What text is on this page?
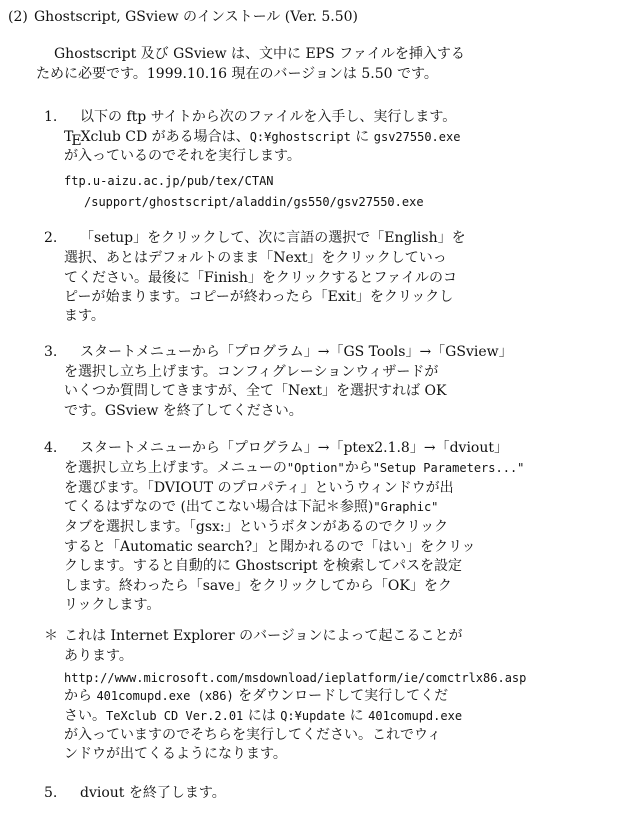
(2) Ghostscript, GSview のインストール (Ver. 5.50)
Ghostscript 及び GSview は、文中に EPS ファイルを挿入する
ために必要です。1999.10.16 現在のバージョンは 5.50 です。
1. 以下の ftp サイトから次のファイルを入手し、実行します。
TEXclub CD がある場合は、Q:¥ghostscript に gsv27550.exe
が入っているのでそれを実行します。
ftp.u-aizu.ac.jp/pub/tex/CTAN
/support/ghostscript/aladdin/gs550/gsv27550.exe
2. 「setup」をクリックして、次に言語の選択で「English」を
選択、あとはデフォルトのまま「Next」をクリックしていっ
てください。最後に「Finish」をクリックするとファイルのコ
ピーが始まります。コピーが終わったら「Exit」をクリックし
ます。
3. スタートメニューから「プログラム」→「GS Tools」→「GSview」
を選択し立ち上げます。コンフィグレーションウィザードが
いくつか質問してきますが、全て「Next」を選択すれば OK
です。GSview を終了してください。
4. スタートメニューから「プログラム」→「ptex2.1.8」→「dviout」
を選択し立ち上げます。メニューの"Option"から"Setup Parameters..."
を選びます。「DVIOUT のプロパティ」というウィンドウが出
てくるはずなので (出てこない場合は下記＊参照)"Graphic"
タブを選択します。「gsx:」というボタンがあるのでクリック
すると「Automatic search?」と聞かれるので「はい」をクリッ
クします。すると自動的に Ghostscript を検索してパスを設定
します。終わったら「save」をクリックしてから「OK」をク
リックします。
＊ これは Internet Explorer のバージョンによって起こることが
あります。
http://www.microsoft.com/msdownload/ieplatform/ie/comctrlx86.asp
から 401comupd.exe (x86) をダウンロードして実行してくだ
さい。TeXclub CD Ver.2.01 には Q:¥update に 401comupd.exe
が入っていますのでそちらを実行してください。これでウィ
ンドウが出てくるようになります。
5. dviout を終了します。
